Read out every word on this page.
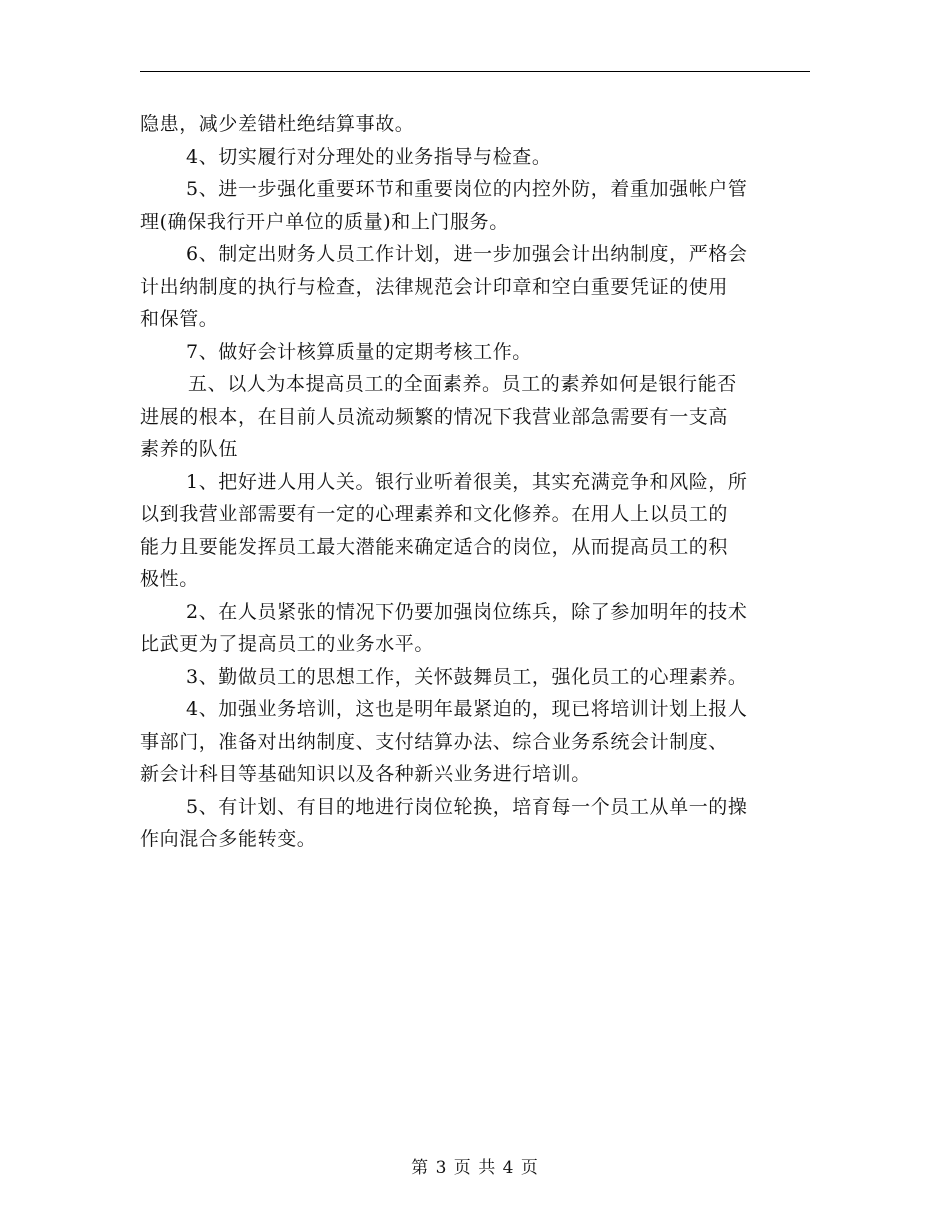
隐患，减少差错杜绝结算事故。
4、切实履行对分理处的业务指导与检查。
5、进一步强化重要环节和重要岗位的内控外防，着重加强帐户管
理(确保我行开户单位的质量)和上门服务。
6、制定出财务人员工作计划，进一步加强会计出纳制度，严格会
计出纳制度的执行与检查，法律规范会计印章和空白重要凭证的使用
和保管。
7、做好会计核算质量的定期考核工作。
五、以人为本提高员工的全面素养。员工的素养如何是银行能否
进展的根本，在目前人员流动频繁的情况下我营业部急需要有一支高
素养的队伍
1、把好进人用人关。银行业听着很美，其实充满竞争和风险，所
以到我营业部需要有一定的心理素养和文化修养。在用人上以员工的
能力且要能发挥员工最大潜能来确定适合的岗位，从而提高员工的积
极性。
2、在人员紧张的情况下仍要加强岗位练兵，除了参加明年的技术
比武更为了提高员工的业务水平。
3、勤做员工的思想工作，关怀鼓舞员工，强化员工的心理素养。
4、加强业务培训，这也是明年最紧迫的，现已将培训计划上报人
事部门，准备对出纳制度、支付结算办法、综合业务系统会计制度、
新会计科目等基础知识以及各种新兴业务进行培训。
5、有计划、有目的地进行岗位轮换，培育每一个员工从单一的操
作向混合多能转变。
第 3 页 共 4 页
